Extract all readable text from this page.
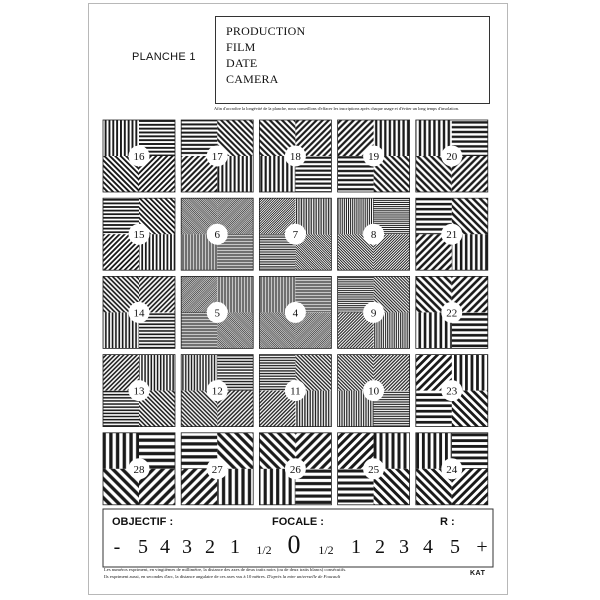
PLANCHE 1
PRODUCTION
FILM
DATE
CAMERA
Afin d'accroître la longévité de la planche, nous conseillons d'effacer les inscriptions après chaque usage et d'éviter un long temps d'insolation.
16	17	18	19	20
15	6	7	8	21
14	5	4	9	22
13	12	11	10	23
28	27	26	25	24
OBJECTIF :	FOCALE :	R :
- 5 4 3 2 1 1/2 0 1/2 1 2 3 4 5 +
Les numéros expriment, en vingtièmes de millimètre, la distance des axes de deux traits noirs (ou de deux traits blancs) consécutifs.
Ils expriment aussi, en secondes d'arc, la distance angulaire de ces axes vus à 10 mètres. D'après la mire universelle de Foucault	KAT
